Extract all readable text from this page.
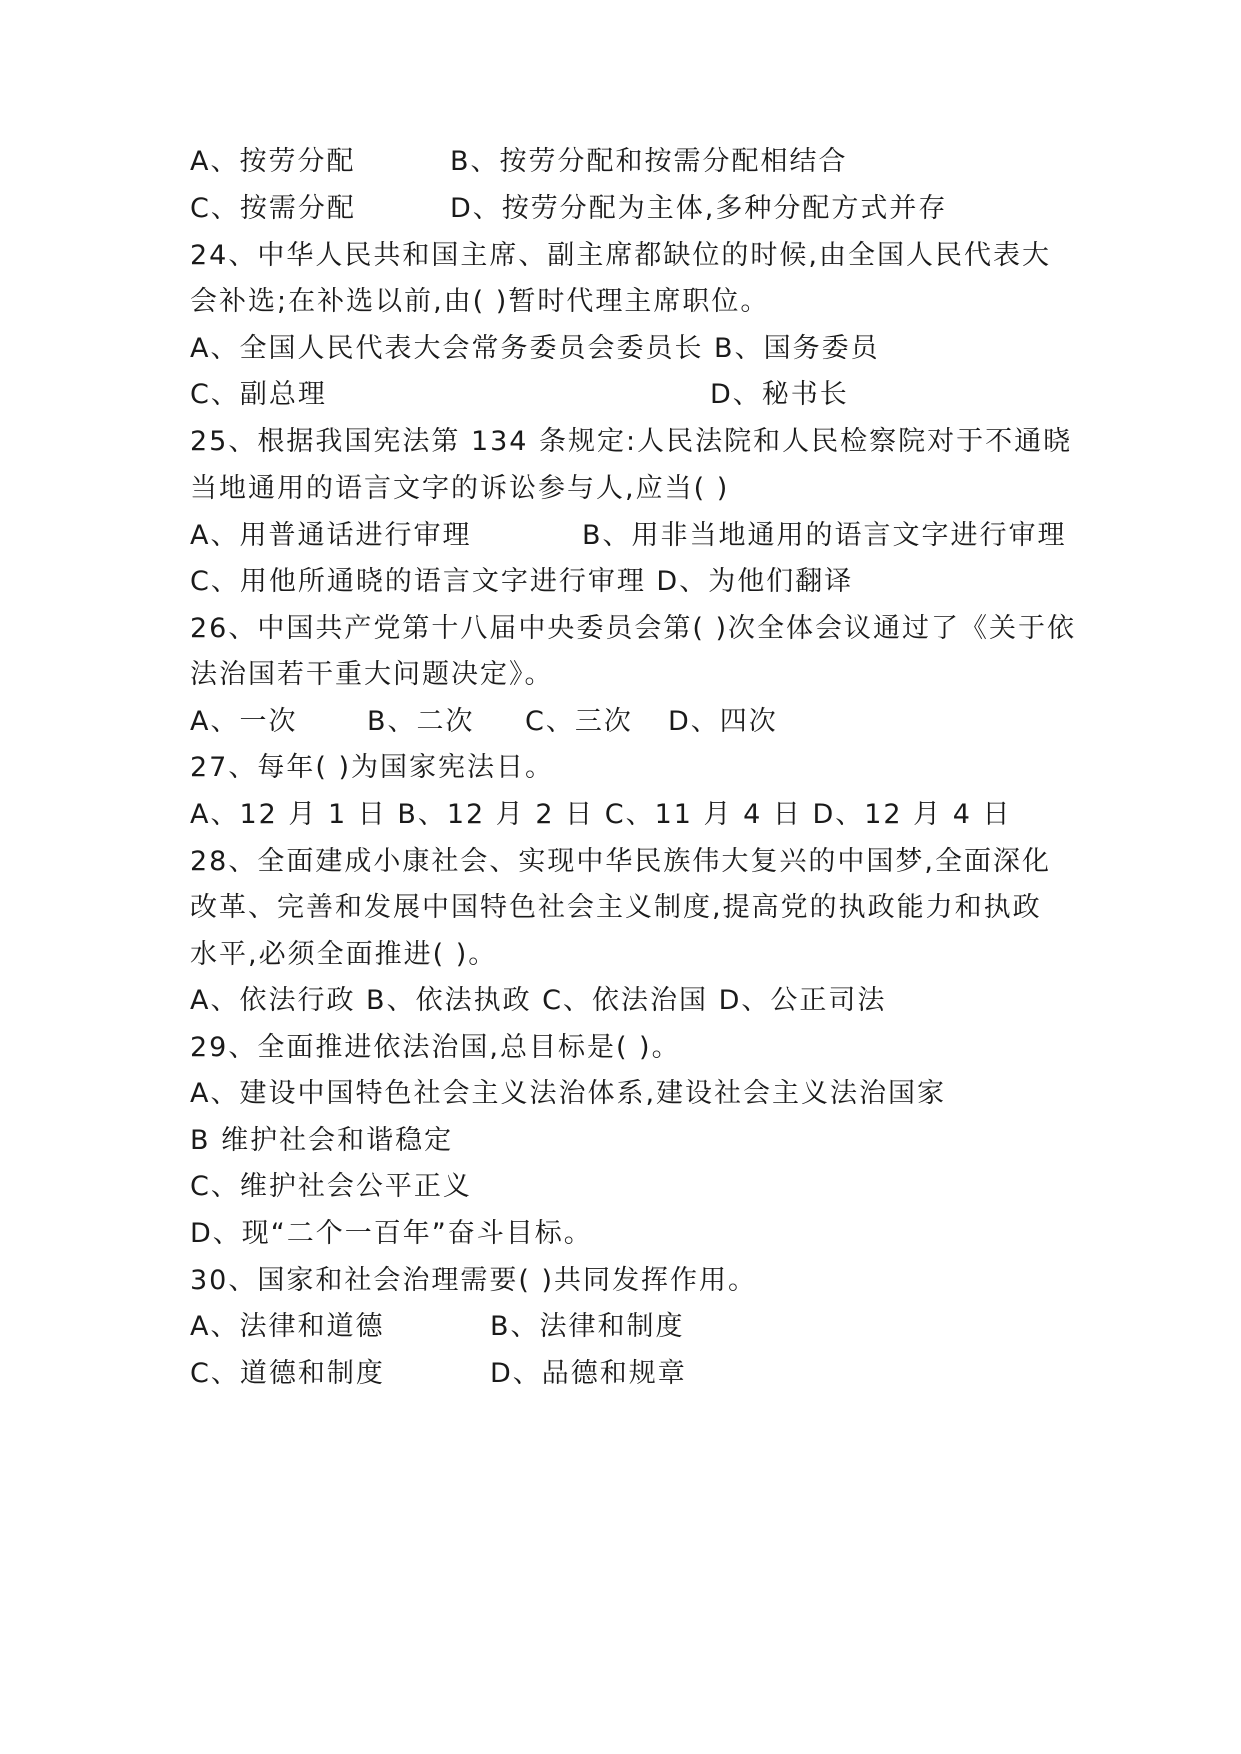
A、按劳分配	B、按劳分配和按需分配相结合
C、按需分配	D、按劳分配为主体,多种分配方式并存
24、中华人民共和国主席、副主席都缺位的时候,由全国人民代表大
会补选;在补选以前,由( )暂时代理主席职位。
A、全国人民代表大会常务委员会委员长 B、国务委员
C、副总理	D、秘书长
25、根据我国宪法第 134 条规定:人民法院和人民检察院对于不通晓
当地通用的语言文字的诉讼参与人,应当( )
A、用普通话进行审理	B、用非当地通用的语言文字进行审理
C、用他所通晓的语言文字进行审理 D、为他们翻译
26、中国共产党第十八届中央委员会第( )次全体会议通过了《关于依
法治国若干重大问题决定》。
A、一次	B、二次 C、三次 D、四次
27、每年( )为国家宪法日。
A、12 月 1 日 B、12 月 2 日 C、11 月 4 日 D、12 月 4 日
28、全面建成小康社会、实现中华民族伟大复兴的中国梦,全面深化
改革、完善和发展中国特色社会主义制度,提高党的执政能力和执政
水平,必须全面推进( )。
A、依法行政 B、依法执政 C、依法治国 D、公正司法
29、全面推进依法治国,总目标是( )。
A、建设中国特色社会主义法治体系,建设社会主义法治国家
B 维护社会和谐稳定
C、维护社会公平正义
D、现“二个一百年”奋斗目标。
30、国家和社会治理需要( )共同发挥作用。
A、法律和道德	B、法律和制度
C、道德和制度	D、品德和规章
